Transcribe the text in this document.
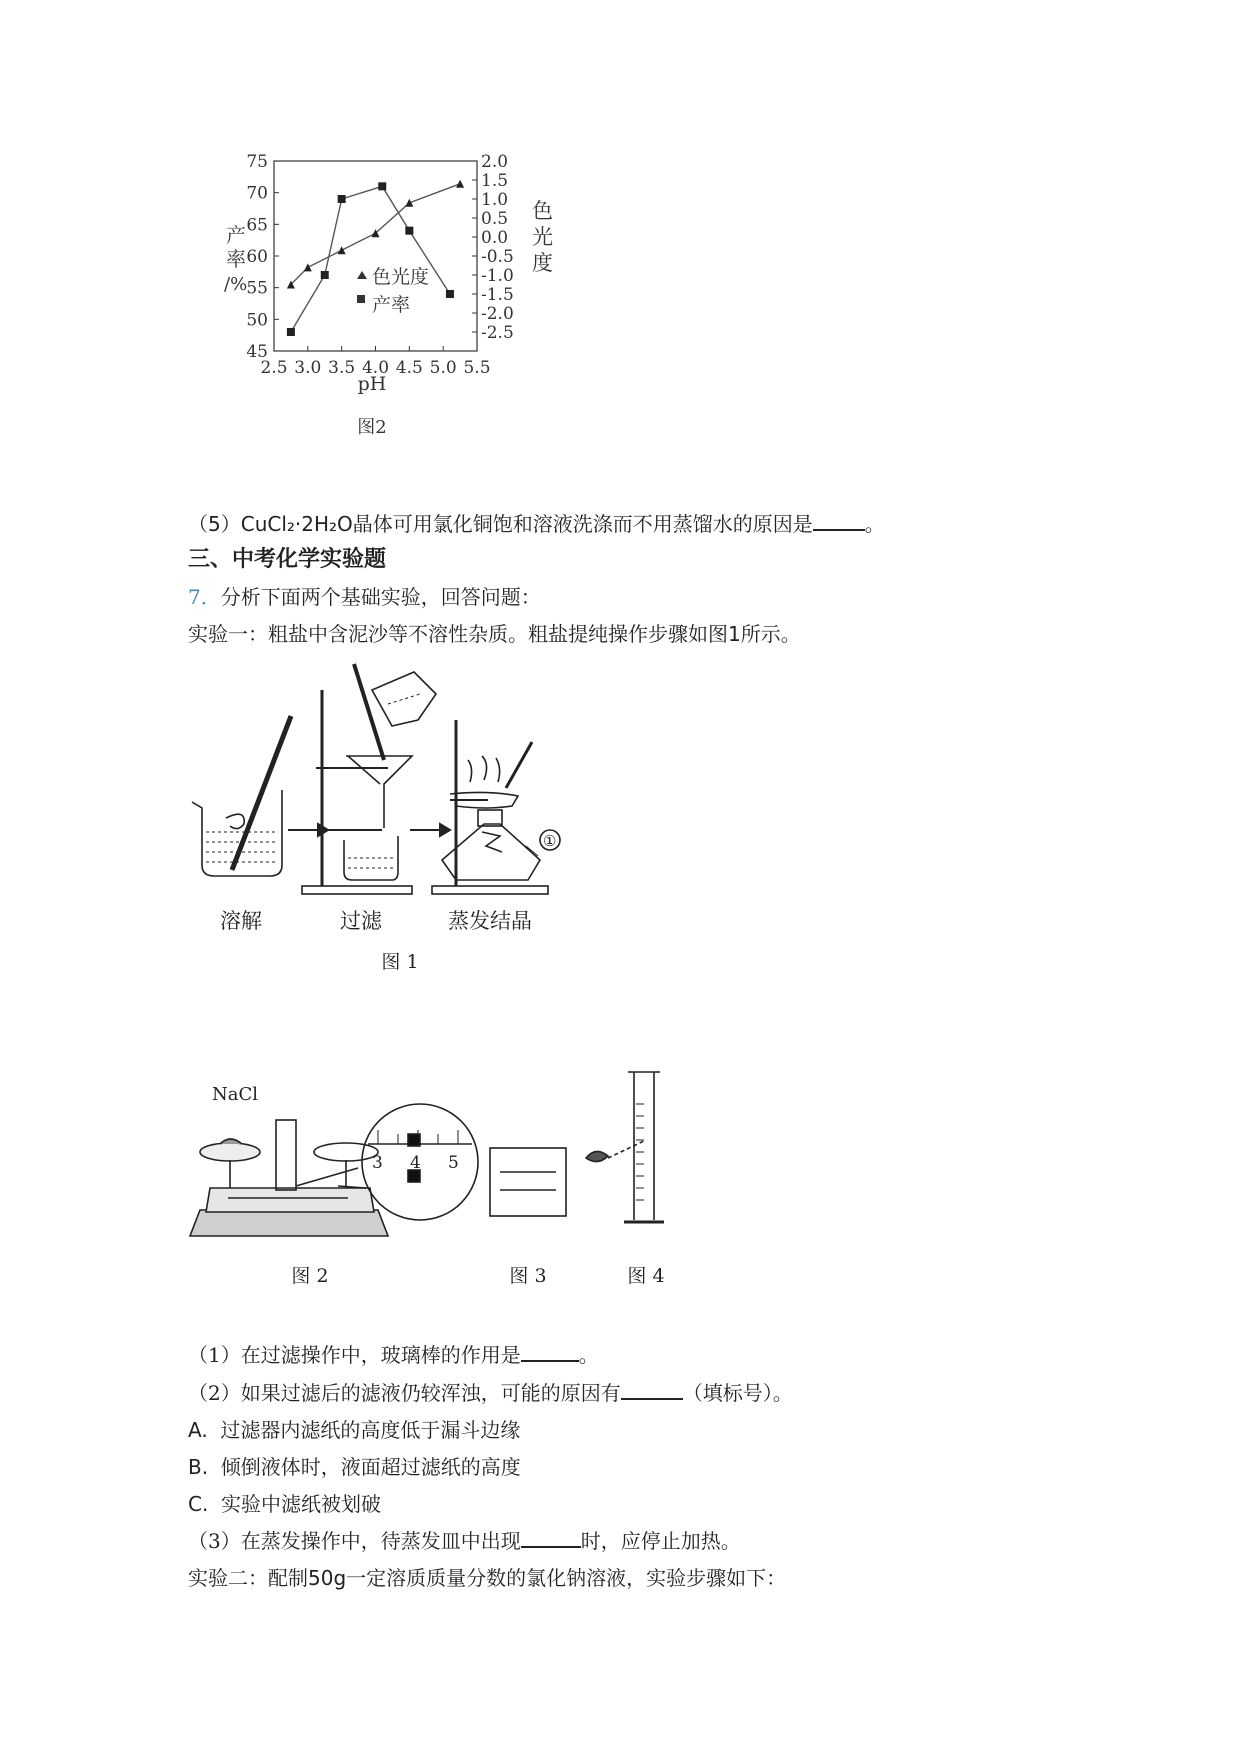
2.5 3.0 3.5 4.0 4.5 5.0 5.5
45
50
55
60
65
70
75	2.0
1.5
1.0
0.5
0.0
-0.5
-1.0
-1.5
-2.0
-2.5
产
率
/%
色
光
度
pH
色光度
产率
图2
（5）CuCl₂·2H₂O晶体可用氯化铜饱和溶液洗涤而不用蒸馏水的原因是	。
三、中考化学实验题
7．分析下面两个基础实验，回答问题：
实验一：粗盐中含泥沙等不溶性杂质。粗盐提纯操作步骤如图1所示。
溶解	过滤
①
蒸发结晶
图 1
NaCl
3 4 5
图 2	图 3	图 4
（1）在过滤操作中，玻璃棒的作用是	。
（2）如果过滤后的滤液仍较浑浊，可能的原因有	（填标号）。
A. 过滤器内滤纸的高度低于漏斗边缘
B. 倾倒液体时，液面超过滤纸的高度
C. 实验中滤纸被划破
（3）在蒸发操作中，待蒸发皿中出现	时，应停止加热。
实验二：配制50g一定溶质质量分数的氯化钠溶液，实验步骤如下：
